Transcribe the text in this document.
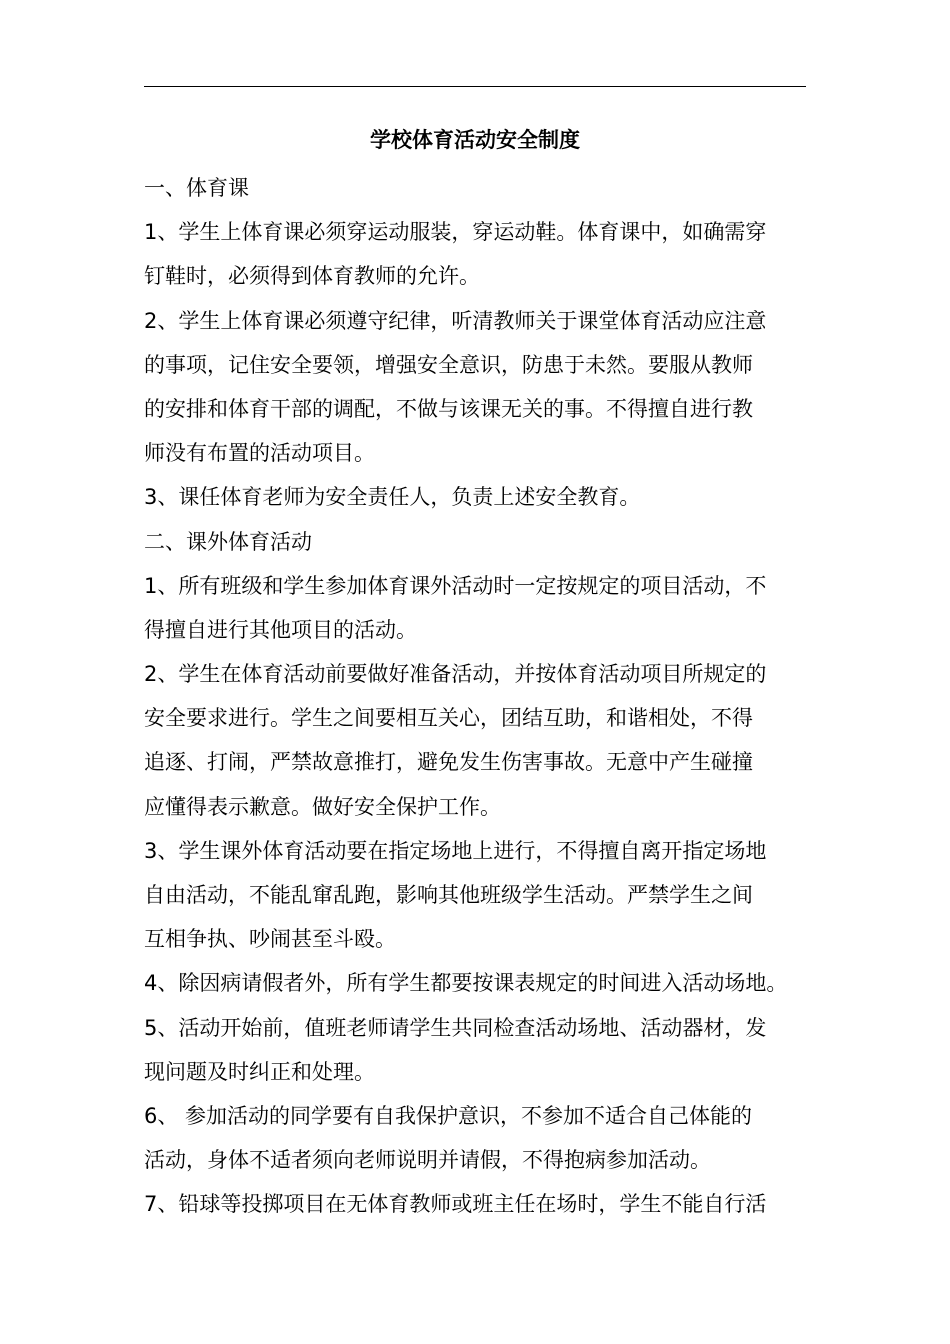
学校体育活动安全制度
一、体育课
1、学生上体育课必须穿运动服装，穿运动鞋。体育课中，如确需穿
钉鞋时，必须得到体育教师的允许。
2、学生上体育课必须遵守纪律，听清教师关于课堂体育活动应注意
的事项，记住安全要领，增强安全意识，防患于未然。要服从教师
的安排和体育干部的调配，不做与该课无关的事。不得擅自进行教
师没有布置的活动项目。
3、课任体育老师为安全责任人，负责上述安全教育。
二、课外体育活动
1、所有班级和学生参加体育课外活动时一定按规定的项目活动，不
得擅自进行其他项目的活动。
2、学生在体育活动前要做好准备活动，并按体育活动项目所规定的
安全要求进行。学生之间要相互关心，团结互助，和谐相处，不得
追逐、打闹，严禁故意推打，避免发生伤害事故。无意中产生碰撞
应懂得表示歉意。做好安全保护工作。
3、学生课外体育活动要在指定场地上进行，不得擅自离开指定场地
自由活动，不能乱窜乱跑，影响其他班级学生活动。严禁学生之间
互相争执、吵闹甚至斗殴。
4、除因病请假者外，所有学生都要按课表规定的时间进入活动场地。
5、活动开始前，值班老师请学生共同检查活动场地、活动器材，发
现问题及时纠正和处理。
6、 参加活动的同学要有自我保护意识，不参加不适合自己体能的
活动，身体不适者须向老师说明并请假，不得抱病参加活动。
7、铅球等投掷项目在无体育教师或班主任在场时，学生不能自行活
